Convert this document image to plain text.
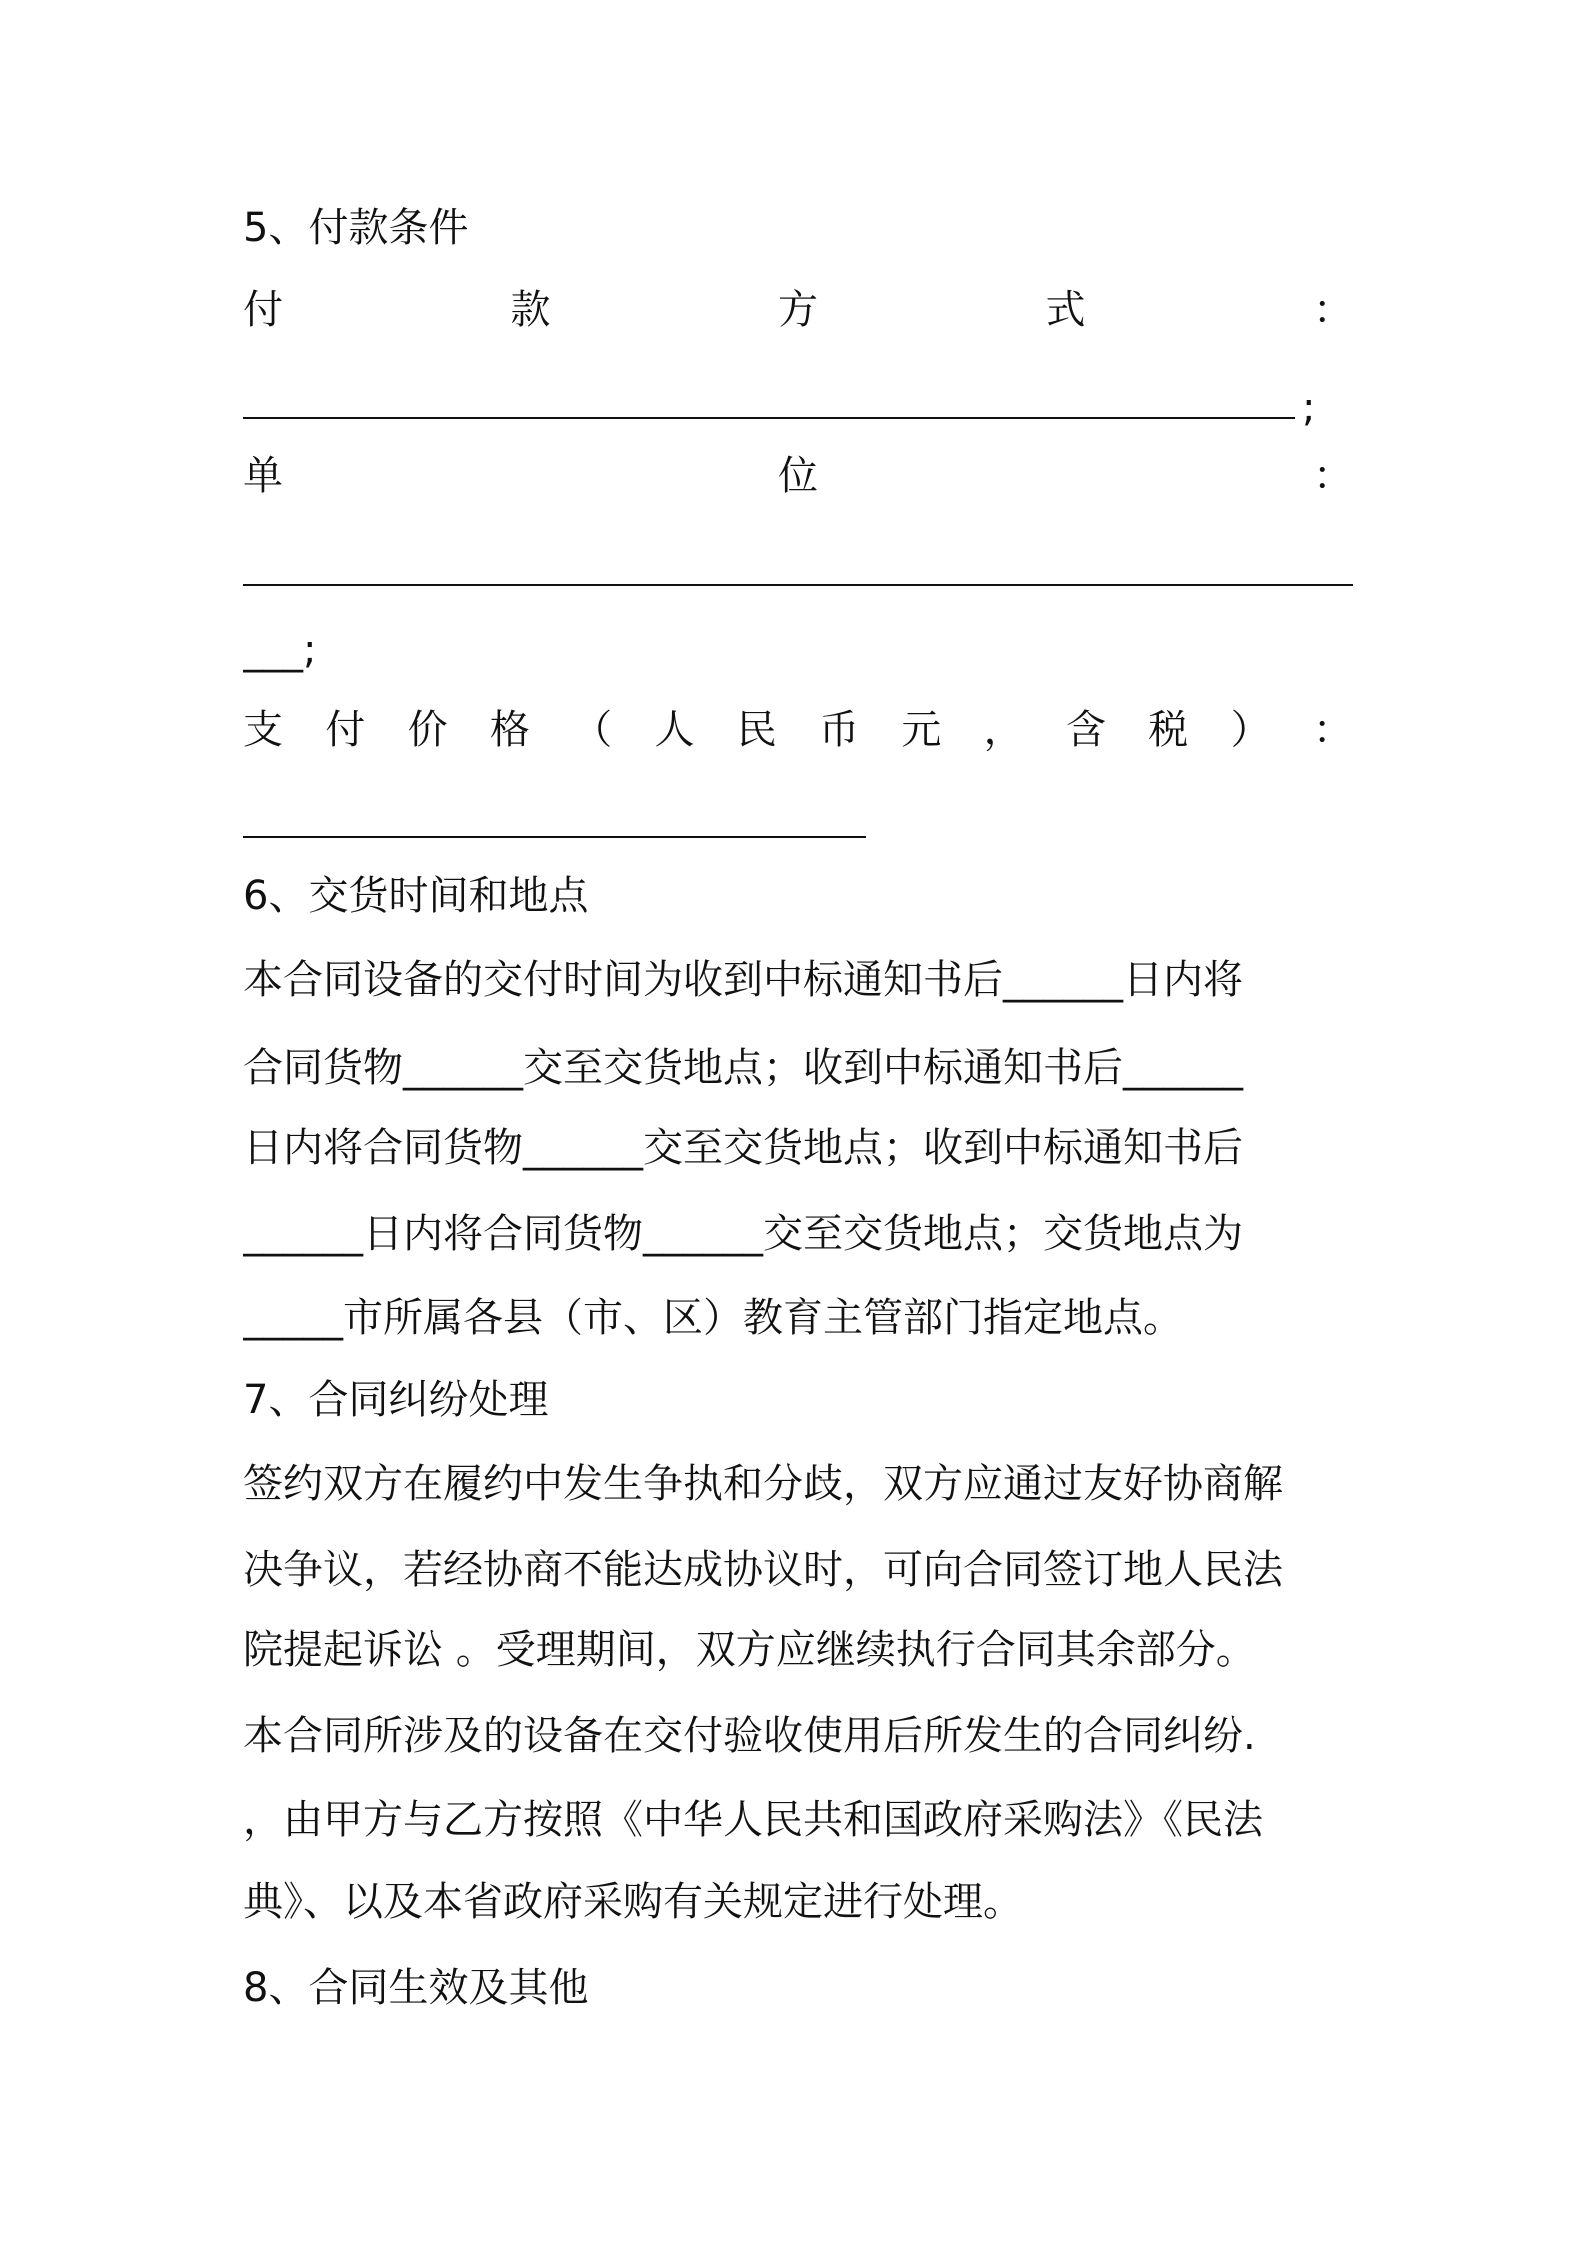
5、付款条件
付	款	方	式	：
;
单	位	：
___;
支 付 价 格 （ 人 民 币 元 ， 含 税 ） ：
6、交货时间和地点
本合同设备的交付时间为收到中标通知书后______日内将
合同货物______交至交货地点；收到中标通知书后______
日内将合同货物______交至交货地点；收到中标通知书后
______日内将合同货物______交至交货地点；交货地点为
_____市所属各县（市、区）教育主管部门指定地点。
7、合同纠纷处理
签约双方在履约中发生争执和分歧，双方应通过友好协商解
决争议，若经协商不能达成协议时，可向合同签订地人民法
院提起诉讼 。受理期间，双方应继续执行合同其余部分。
本合同所涉及的设备在交付验收使用后所发生的合同纠纷.
，由甲方与乙方按照《中华人民共和国政府采购法》《民法
典》、以及本省政府采购有关规定进行处理。
8、合同生效及其他
